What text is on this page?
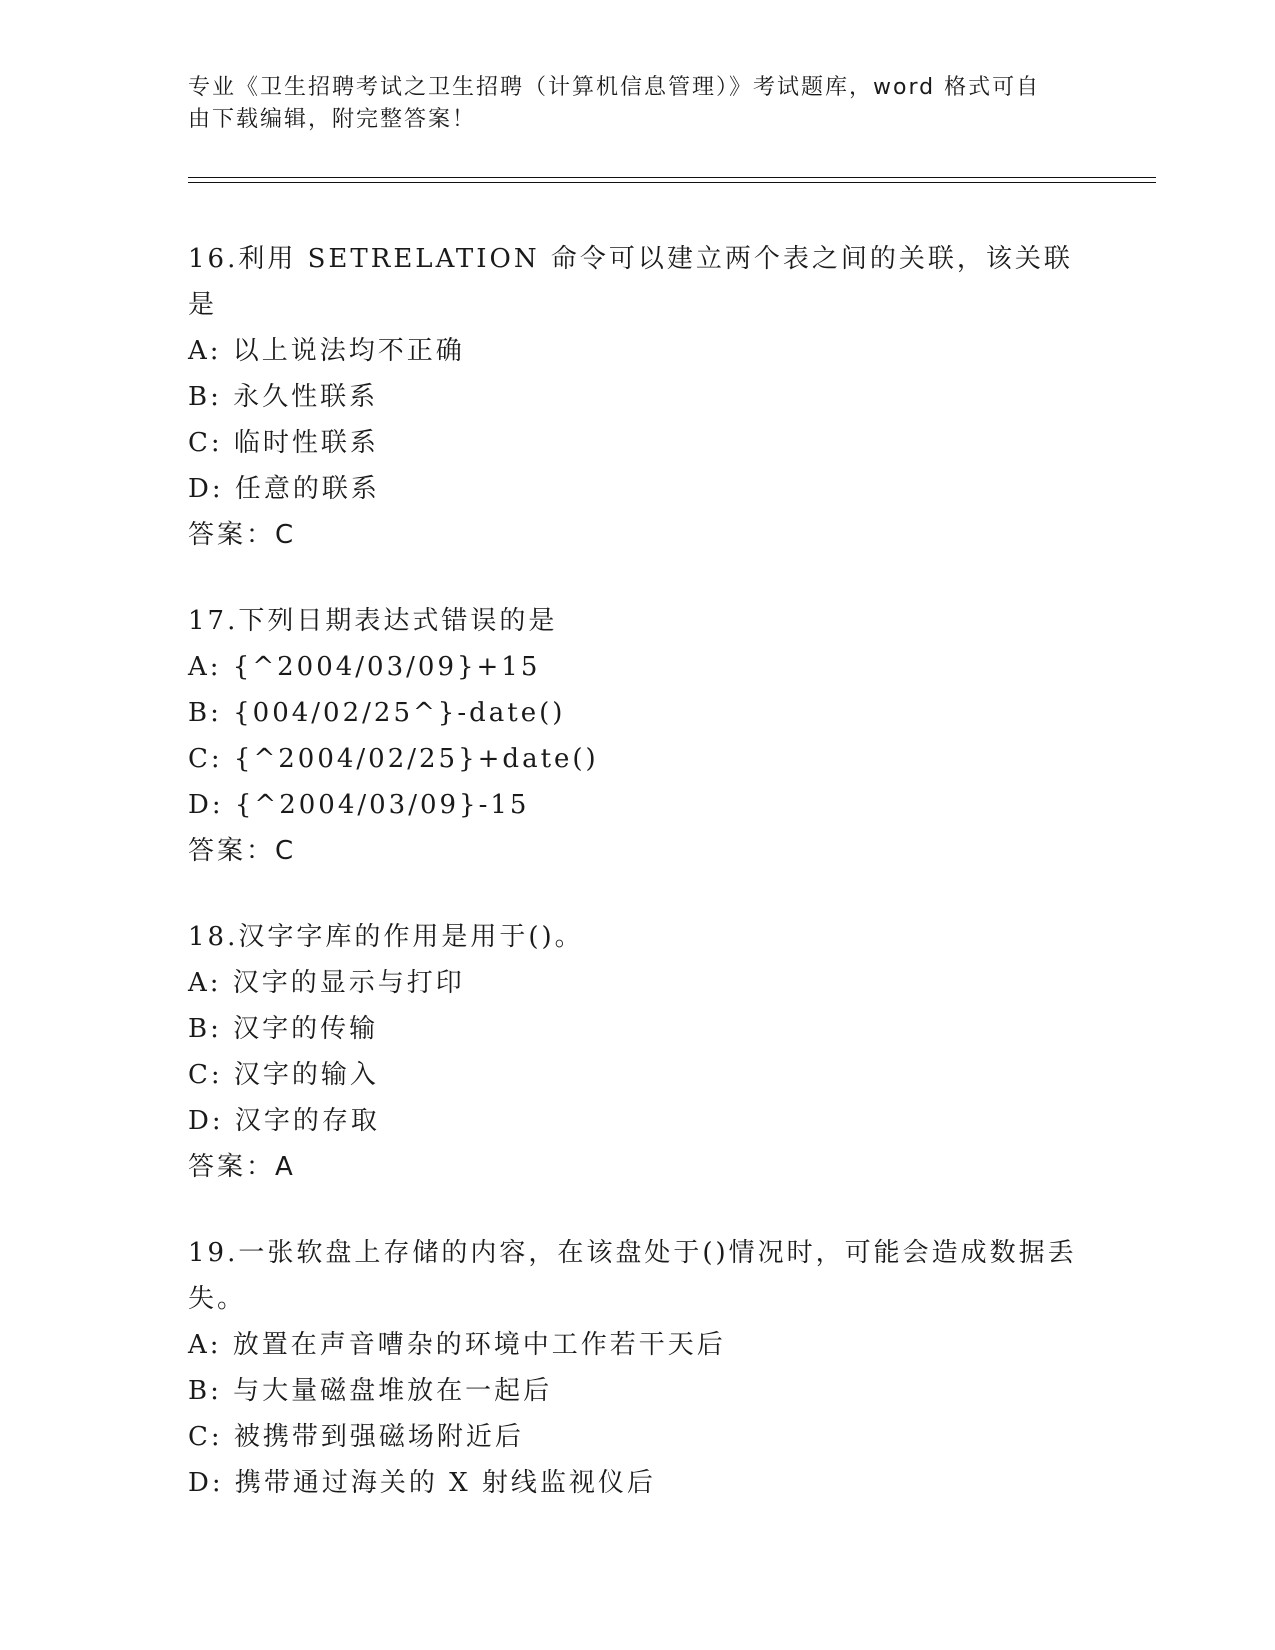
专业《卫生招聘考试之卫生招聘（计算机信息管理）》考试题库，word 格式可自
由下载编辑，附完整答案！
16.利用 SETRELATION 命令可以建立两个表之间的关联，该关联是
A: 以上说法均不正确
B: 永久性联系
C: 临时性联系
D: 任意的联系
答案：C
17.下列日期表达式错误的是
A: {^2004/03/09}+15
B: {004/02/25^}-date()
C: {^2004/02/25}+date()
D: {^2004/03/09}-15
答案：C
18.汉字字库的作用是用于()。
A: 汉字的显示与打印
B: 汉字的传输
C: 汉字的输入
D: 汉字的存取
答案：A
19.一张软盘上存储的内容，在该盘处于()情况时，可能会造成数据丢失。
A: 放置在声音嘈杂的环境中工作若干天后
B: 与大量磁盘堆放在一起后
C: 被携带到强磁场附近后
D: 携带通过海关的 X 射线监视仪后
